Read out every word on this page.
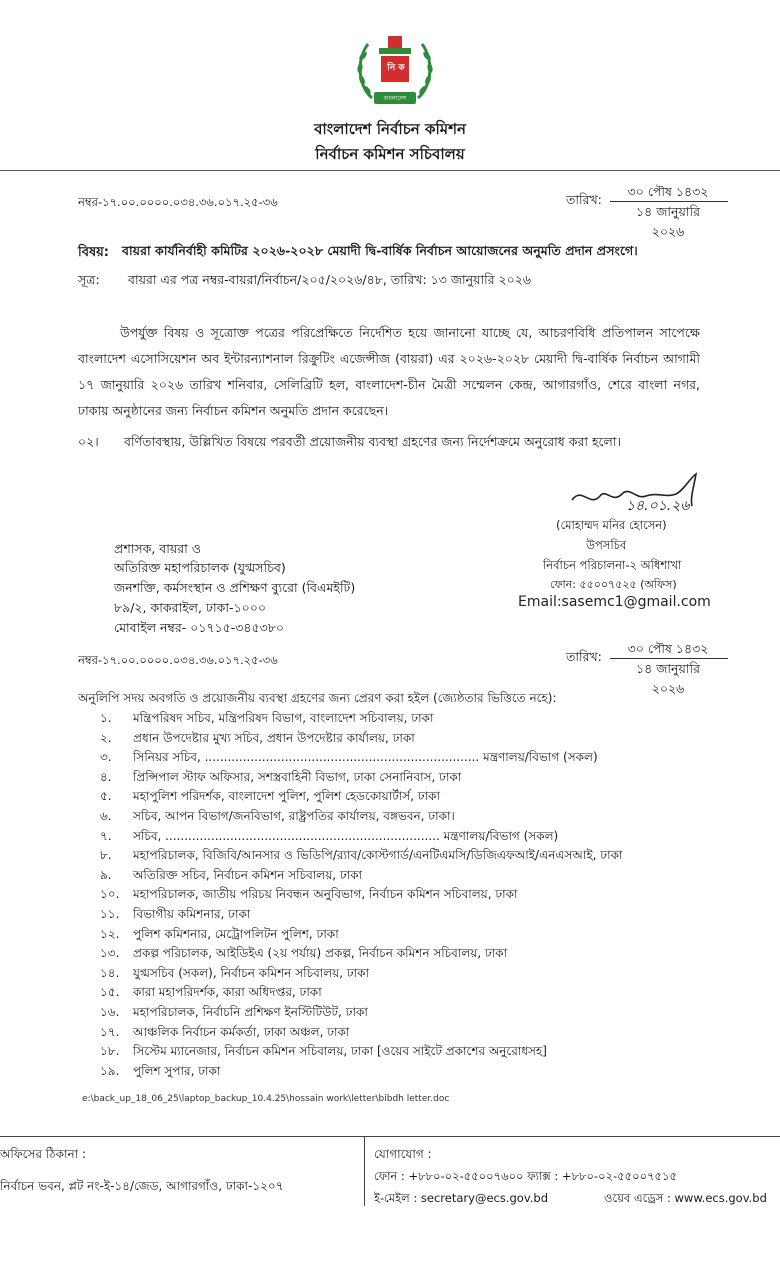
নি ক
বাংলাদেশ
বাংলাদেশ নির্বাচন কমিশন
নির্বাচন কমিশন সচিবালয়
নম্বর-১৭.০০.০০০০.০৩৪.৩৬.০১৭.২৫-৩৬	তারিখ:
৩০ পৌষ ১৪৩২
১৪ জানুয়ারি ২০২৬
বিষয়: বায়রা কার্যনির্বাহী কমিটির ২০২৬-২০২৮ মেয়াদী দ্বি-বার্ষিক নির্বাচন আয়োজনের অনুমতি প্রদান প্রসংগে।
সূত্র: বায়রা এর পত্র নম্বর-বায়রা/নির্বাচন/২০৫/২০২৬/৪৮, তারিখ: ১৩ জানুয়ারি ২০২৬
উপর্যুক্ত বিষয় ও সূত্রোক্ত পত্রের পরিপ্রেক্ষিতে নির্দেশিত হয়ে জানানো যাচ্ছে যে, আচরণবিধি প্রতিপালন সাপেক্ষে বাংলাদেশ এসোসিয়েশন অব ইন্টারন্যাশনাল রিক্রুটিং এজেন্সীজ (বায়রা) এর ২০২৬-২০২৮ মেয়াদী দ্বি-বার্ষিক নির্বাচন আগামী ১৭ জানুয়ারি ২০২৬ তারিখ শনিবার, সেলিব্রিটি হল, বাংলাদেশ-চীন মৈত্রী সম্মেলন কেন্দ্র, আগারগাঁও, শেরে বাংলা নগর, ঢাকায় অনুষ্ঠানের জন্য নির্বাচন কমিশন অনুমতি প্রদান করেছেন।
০২। বর্ণিতাবস্থায়, উল্লিখিত বিষয়ে পরবর্তী প্রয়োজনীয় ব্যবস্থা গ্রহণের জন্য নির্দেশক্রমে অনুরোধ করা হলো।
১৪.০১.২৬
(মোহাম্মদ মনির হোসেন)
উপসচিব
নির্বাচন পরিচালনা-২ অধিশাখা
ফোন: ৫৫০০৭৫২৫ (অফিস)
Email:sasemc1@gmail.com
প্রশাসক, বায়রা ও
অতিরিক্ত মহাপরিচালক (যুগ্মসচিব)
জনশক্তি, কর্মসংস্থান ও প্রশিক্ষণ ব্যুরো (বিএমইটি)
৮৯/২, কাকরাইল, ঢাকা-১০০০
মোবাইল নম্বর- ০১৭১৫-৩৪৫৩৮০
নম্বর-১৭.০০.০০০০.০৩৪.৩৬.০১৭.২৫-৩৬	তারিখ:
৩০ পৌষ ১৪৩২
১৪ জানুয়ারি ২০২৬
অনুলিপি সদয় অবগতি ও প্রয়োজনীয় ব্যবস্থা গ্রহণের জন্য প্রেরণ করা হইল (জ্যেষ্ঠতার ভিত্তিতে নহে):
১. মন্ত্রিপরিষদ সচিব, মন্ত্রিপরিষদ বিভাগ, বাংলাদেশ সচিবালয়, ঢাকা
২. প্রধান উপদেষ্টার মুখ্য সচিব, প্রধান উপদেষ্টার কার্যালয়, ঢাকা
৩. সিনিয়র সচিব, ........................................................................ মন্ত্রণালয়/বিভাগ (সকল)
৪. প্রিন্সিপাল স্টাফ অফিসার, সশস্ত্রবাহিনী বিভাগ, ঢাকা সেনানিবাস, ঢাকা
৫. মহাপুলিশ পরিদর্শক, বাংলাদেশ পুলিশ, পুলিশ হেডকোয়ার্টার্স, ঢাকা
৬. সচিব, আপন বিভাগ/জনবিভাগ, রাষ্ট্রপতির কার্যালয়, বঙ্গভবন, ঢাকা।
৭. সচিব, ........................................................................ মন্ত্রণালয়/বিভাগ (সকল)
৮. মহাপরিচালক, বিজিবি/আনসার ও ভিডিপি/র‌্যাব/কোস্টগার্ড/এনটিএমসি/ডিজিএফআই/এনএসআই, ঢাকা
৯. অতিরিক্ত সচিব, নির্বাচন কমিশন সচিবালয়, ঢাকা
১০. মহাপরিচালক, জাতীয় পরিচয় নিবন্ধন অনুবিভাগ, নির্বাচন কমিশন সচিবালয়, ঢাকা
১১. বিভাগীয় কমিশনার, ঢাকা
১২. পুলিশ কমিশনার, মেট্রোপলিটন পুলিশ, ঢাকা
১৩. প্রকল্প পরিচালক, আইডিইএ (২য় পর্যায়) প্রকল্প, নির্বাচন কমিশন সচিবালয়, ঢাকা
১৪. যুগ্মসচিব (সকল), নির্বাচন কমিশন সচিবালয়, ঢাকা
১৫. কারা মহাপরিদর্শক, কারা অধিদপ্তর, ঢাকা
১৬. মহাপরিচালক, নির্বাচনি প্রশিক্ষণ ইনস্টিটিউট, ঢাকা
১৭. আঞ্চলিক নির্বাচন কর্মকর্তা, ঢাকা অঞ্চল, ঢাকা
১৮. সিস্টেম ম্যানেজার, নির্বাচন কমিশন সচিবালয়, ঢাকা [ওয়েব সাইটে প্রকাশের অনুরোধসহ]
১৯. পুলিশ সুপার, ঢাকা
e:\back_up_18_06_25\laptop_backup_10.4.25\hossain work\letter\bibdh letter.doc
অফিসের ঠিকানা :
নির্বাচন ভবন, প্লট নং-ই-১৪/জেড, আগারগাঁও, ঢাকা-১২০৭
যোগাযোগ :
ফোন : +৮৮০-০২-৫৫০০৭৬০০ ফ্যাক্স : +৮৮০-০২-৫৫০০৭৫১৫
ই-মেইল : secretary@ecs.gov.bd	ওয়েব এড্রেস : www.ecs.gov.bd
